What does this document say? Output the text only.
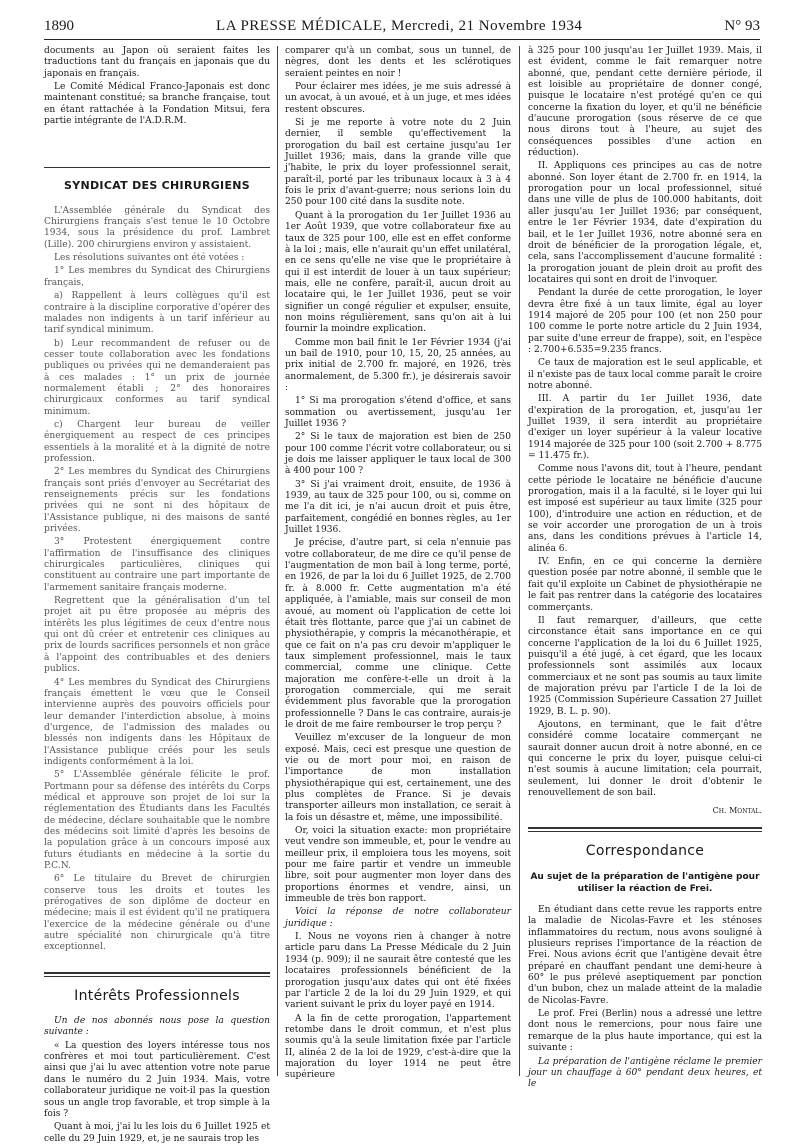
1890	LA PRESSE MÉDICALE, Mercredi, 21 Novembre 1934	N° 93

documents au Japon où seraient faites les traductions tant du français en japonais que du japonais en français.

Le Comité Médical Franco-Japonais est donc maintenant constitué; sa branche française, tout en étant rattachée à la Fondation Mitsui, fera partie intégrante de l'A.D.R.M.

SYNDICAT DES CHIRURGIENS

L'Assemblée générale du Syndicat des Chirurgiens français s'est tenue le 10 Octobre 1934, sous la présidence du prof. Lambret (Lille). 200 chirurgiens environ y assistaient.

Les résolutions suivantes ont été votées :

1° Les membres du Syndicat des Chirurgiens français,

a) Rappellent à leurs collègues qu'il est contraire à la discipline corporative d'opérer des malades non indigents à un tarif inférieur au tarif syndical minimum.

b) Leur recommandent de refuser ou de cesser toute collaboration avec les fondations publiques ou privées qui ne demanderaient pas à ces malades : 1° un prix de journée normalement établi ; 2° des honoraires chirurgicaux conformes au tarif syndical minimum.

c) Chargent leur bureau de veiller énergiquement au respect de ces principes essentiels à la moralité et à la dignité de notre profession.

2° Les membres du Syndicat des Chirurgiens français sont priés d'envoyer au Secrétariat des renseignements précis sur les fondations privées qui ne sont ni des hôpitaux de l'Assistance publique, ni des maisons de santé privées.

3° Protestent énergiquement contre l'affirmation de l'insuffisance des cliniques chirurgicales particulières, cliniques qui constituent au contraire une part importante de l'armement sanitaire français moderne.

Regrettent que la généralisation d'un tel projet ait pu être proposée au mépris des intérêts les plus légitimes de ceux d'entre nous qui ont dû créer et entretenir ces cliniques au prix de lourds sacrifices personnels et non grâce à l'appoint des contribuables et des deniers publics.

4° Les membres du Syndicat des Chirurgiens français émettent le vœu que le Conseil intervienne auprès des pouvoirs officiels pour leur demander l'interdiction absolue, à moins d'urgence, de l'admission des malades ou blessés non indigents dans les Hôpitaux de l'Assistance publique créés pour les seuls indigents conformément à la loi.

5° L'Assemblée générale félicite le prof. Portmann pour sa défense des intérêts du Corps médical et approuve son projet de loi sur la réglementation des Étudiants dans les Facultés de médecine, déclare souhaitable que le nombre des médecins soit limité d'après les besoins de la population grâce à un concours imposé aux futurs étudiants en médecine à la sortie du P.C.N.

6° Le titulaire du Brevet de chirurgien conserve tous les droits et toutes les prérogatives de son diplôme de docteur en médecine; mais il est évident qu'il ne pratiquera l'exercice de la médecine générale ou d'une autre spécialité non chirurgicale qu'à titre exceptionnel.

Intérêts Professionnels

Un de nos abonnés nous pose la question suivante :

« La question des loyers intéresse tous nos confrères et moi tout particulièrement. C'est ainsi que j'ai lu avec attention votre note parue dans le numéro du 2 Juin 1934. Mais, votre collaborateur juridique ne voit-il pas la question sous un angle trop favorable, et trop simple à la fois ?

Quant à moi, j'ai lu les lois du 6 Juillet 1925 et celle du 29 Juin 1929, et, je ne saurais trop les

comparer qu'à un combat, sous un tunnel, de nègres, dont les dents et les sclérotiques seraient peintes en noir !

Pour éclairer mes idées, je me suis adressé à un avocat, à un avoué, et à un juge, et mes idées restent obscures.

Si je me reporte à votre note du 2 Juin dernier, il semble qu'effectivement la prorogation du bail est certaine jusqu'au 1er Juillet 1936; mais, dans la grande ville que j'habite, le prix du loyer professionnel serait, paraît-il, porté par les tribunaux locaux à 3 à 4 fois le prix d'avant-guerre; nous serions loin du 250 pour 100 cité dans la susdite note.

Quant à la prorogation du 1er Juillet 1936 au 1er Août 1939, que votre collaborateur fixe au taux de 325 pour 100, elle est en effet conforme à la loi ; mais, elle n'aurait qu'un effet unilatéral, en ce sens qu'elle ne vise que le propriétaire à qui il est interdit de louer à un taux supérieur; mais, elle ne confère, paraît-il, aucun droit au locataire qui, le 1er Juillet 1936, peut se voir signifier un congé régulier et expulser, ensuite, non moins régulièrement, sans qu'on ait à lui fournir la moindre explication.

Comme mon bail finit le 1er Février 1934 (j'ai un bail de 1910, pour 10, 15, 20, 25 années, au prix initial de 2.700 fr. majoré, en 1926, très anormalement, de 5.300 fr.), je désirerais savoir :

1° Si ma prorogation s'étend d'office, et sans sommation ou avertissement, jusqu'au 1er Juillet 1936 ?

2° Si le taux de majoration est bien de 250 pour 100 comme l'écrit votre collaborateur, ou si je dois me laisser appliquer le taux local de 300 à 400 pour 100 ?

3° Si j'ai vraiment droit, ensuite, de 1936 à 1939, au taux de 325 pour 100, ou si, comme on me l'a dit ici, je n'ai aucun droit et puis être, parfaitement, congédié en bonnes règles, au 1er Juillet 1936.

Je précise, d'autre part, si cela n'ennuie pas votre collaborateur, de me dire ce qu'il pense de l'augmentation de mon bail à long terme, porté, en 1926, de par la loi du 6 Juillet 1925, de 2.700 fr. à 8.000 fr. Cette augmentation m'a été appliquée, à l'amiable, mais sur conseil de mon avoué, au moment où l'application de cette loi était très flottante, parce que j'ai un cabinet de physiothérapie, y compris la mécanothérapie, et que ce fait on n'a pas cru devoir m'appliquer le taux simplement professionnel, mais le taux commercial, comme une clinique. Cette majoration me confère-t-elle un droit à la prorogation commerciale, qui me serait évidemment plus favorable que la prorogation professionnelle ? Dans le cas contraire, aurais-je le droit de me faire rembourser le trop perçu ?

Veuillez m'excuser de la longueur de mon exposé. Mais, ceci est presque une question de vie ou de mort pour moi, en raison de l'importance de mon installation physiothérapique qui est, certainement, une des plus complètes de France. Si je devais transporter ailleurs mon installation, ce serait à la fois un désastre et, même, une impossibilité.

Or, voici la situation exacte: mon propriétaire veut vendre son immeuble, et, pour le vendre au meilleur prix, il emploiera tous les moyens, soit pour me faire partir et vendre un immeuble libre, soit pour augmenter mon loyer dans des proportions énormes et vendre, ainsi, un immeuble de très bon rapport.

Voici la réponse de notre collaborateur juridique :

I. Nous ne voyons rien à changer à notre article paru dans La Presse Médicale du 2 Juin 1934 (p. 909); il ne saurait être contesté que les locataires professionnels bénéficient de la prorogation jusqu'aux dates qui ont été fixées par l'article 2 de la loi du 29 Juin 1929, et qui varient suivant le prix du loyer payé en 1914.

A la fin de cette prorogation, l'appartement retombe dans le droit commun, et n'est plus soumis qu'à la seule limitation fixée par l'article II, alinéa 2 de la loi de 1929, c'est-à-dire que la majoration du loyer 1914 ne peut être supérieure

à 325 pour 100 jusqu'au 1er Juillet 1939. Mais, il est évident, comme le fait remarquer notre abonné, que, pendant cette dernière période, il est loisible au propriétaire de donner congé, puisque le locataire n'est protégé qu'en ce qui concerne la fixation du loyer, et qu'il ne bénéficie d'aucune prorogation (sous réserve de ce que nous dirons tout à l'heure, au sujet des conséquences possibles d'une action en réduction).

II. Appliquons ces principes au cas de notre abonné. Son loyer étant de 2.700 fr. en 1914, la prorogation pour un local professionnel, situé dans une ville de plus de 100.000 habitants, doit aller jusqu'au 1er Juillet 1936; par conséquent, entre le 1er Février 1934, date d'expiration du bail, et le 1er Juillet 1936, notre abonné sera en droit de bénéficier de la prorogation légale, et, cela, sans l'accomplissement d'aucune formalité : la prorogation jouant de plein droit au profit des locataires qui sont en droit de l'invoquer.

Pendant la durée de cette prorogation, le loyer devra être fixé à un taux limite, égal au loyer 1914 majoré de 205 pour 100 (et non 250 pour 100 comme le porte notre article du 2 Juin 1934, par suite d'une erreur de frappe), soit, en l'espèce : 2.700+6.535=9.235 francs.

Ce taux de majoration est le seul applicable, et il n'existe pas de taux local comme paraît le croire notre abonné.

III. A partir du 1er Juillet 1936, date d'expiration de la prorogation, et, jusqu'au 1er Juillet 1939, il sera interdit au propriétaire d'exiger un loyer supérieur à la valeur locative 1914 majorée de 325 pour 100 (soit 2.700 + 8.775 = 11.475 fr.).

Comme nous l'avons dit, tout à l'heure, pendant cette période le locataire ne bénéficie d'aucune prorogation, mais il a la faculté, si le loyer qui lui est imposé est supérieur au taux limite (325 pour 100), d'introduire une action en réduction, et de se voir accorder une prorogation de un à trois ans, dans les conditions prévues à l'article 14, alinéa 6.

IV. Enfin, en ce qui concerne la dernière question posée par notre abonné, il semble que le fait qu'il exploite un Cabinet de physiothérapie ne le fait pas rentrer dans la catégorie des locataires commerçants.

Il faut remarquer, d'ailleurs, que cette circonstance était sans importance en ce qui concerne l'application de la loi du 6 Juillet 1925, puisqu'il a été jugé, à cet égard, que les locaux professionnels sont assimilés aux locaux commerciaux et ne sont pas soumis au taux limite de majoration prévu par l'article I de la loi de 1925 (Commission Supérieure Cassation 27 Juillet 1929, B. L. p. 90).

Ajoutons, en terminant, que le fait d'être considéré comme locataire commerçant ne saurait donner aucun droit à notre abonné, en ce qui concerne le prix du loyer, puisque celui-ci n'est soumis à aucune limitation; cela pourrait, seulement, lui donner le droit d'obtenir le renouvellement de son bail.

Ch. Montal.
Correspondance
Au sujet de la préparation de l'antigène pour utiliser la réaction de Frei.

En étudiant dans cette revue les rapports entre la maladie de Nicolas-Favre et les sténoses inflammatoires du rectum, nous avons souligné à plusieurs reprises l'importance de la réaction de Frei. Nous avions écrit que l'antigène devait être préparé en chauffant pendant une demi-heure à 60° le pus prélevé aseptiquement par ponction d'un bubon, chez un malade atteint de la maladie de Nicolas-Favre.

Le prof. Frei (Berlin) nous a adressé une lettre dont nous le remercions, pour nous faire une remarque de la plus haute importance, qui est la suivante :

La préparation de l'antigène réclame le premier jour un chauffage à 60° pendant deux heures, et le
